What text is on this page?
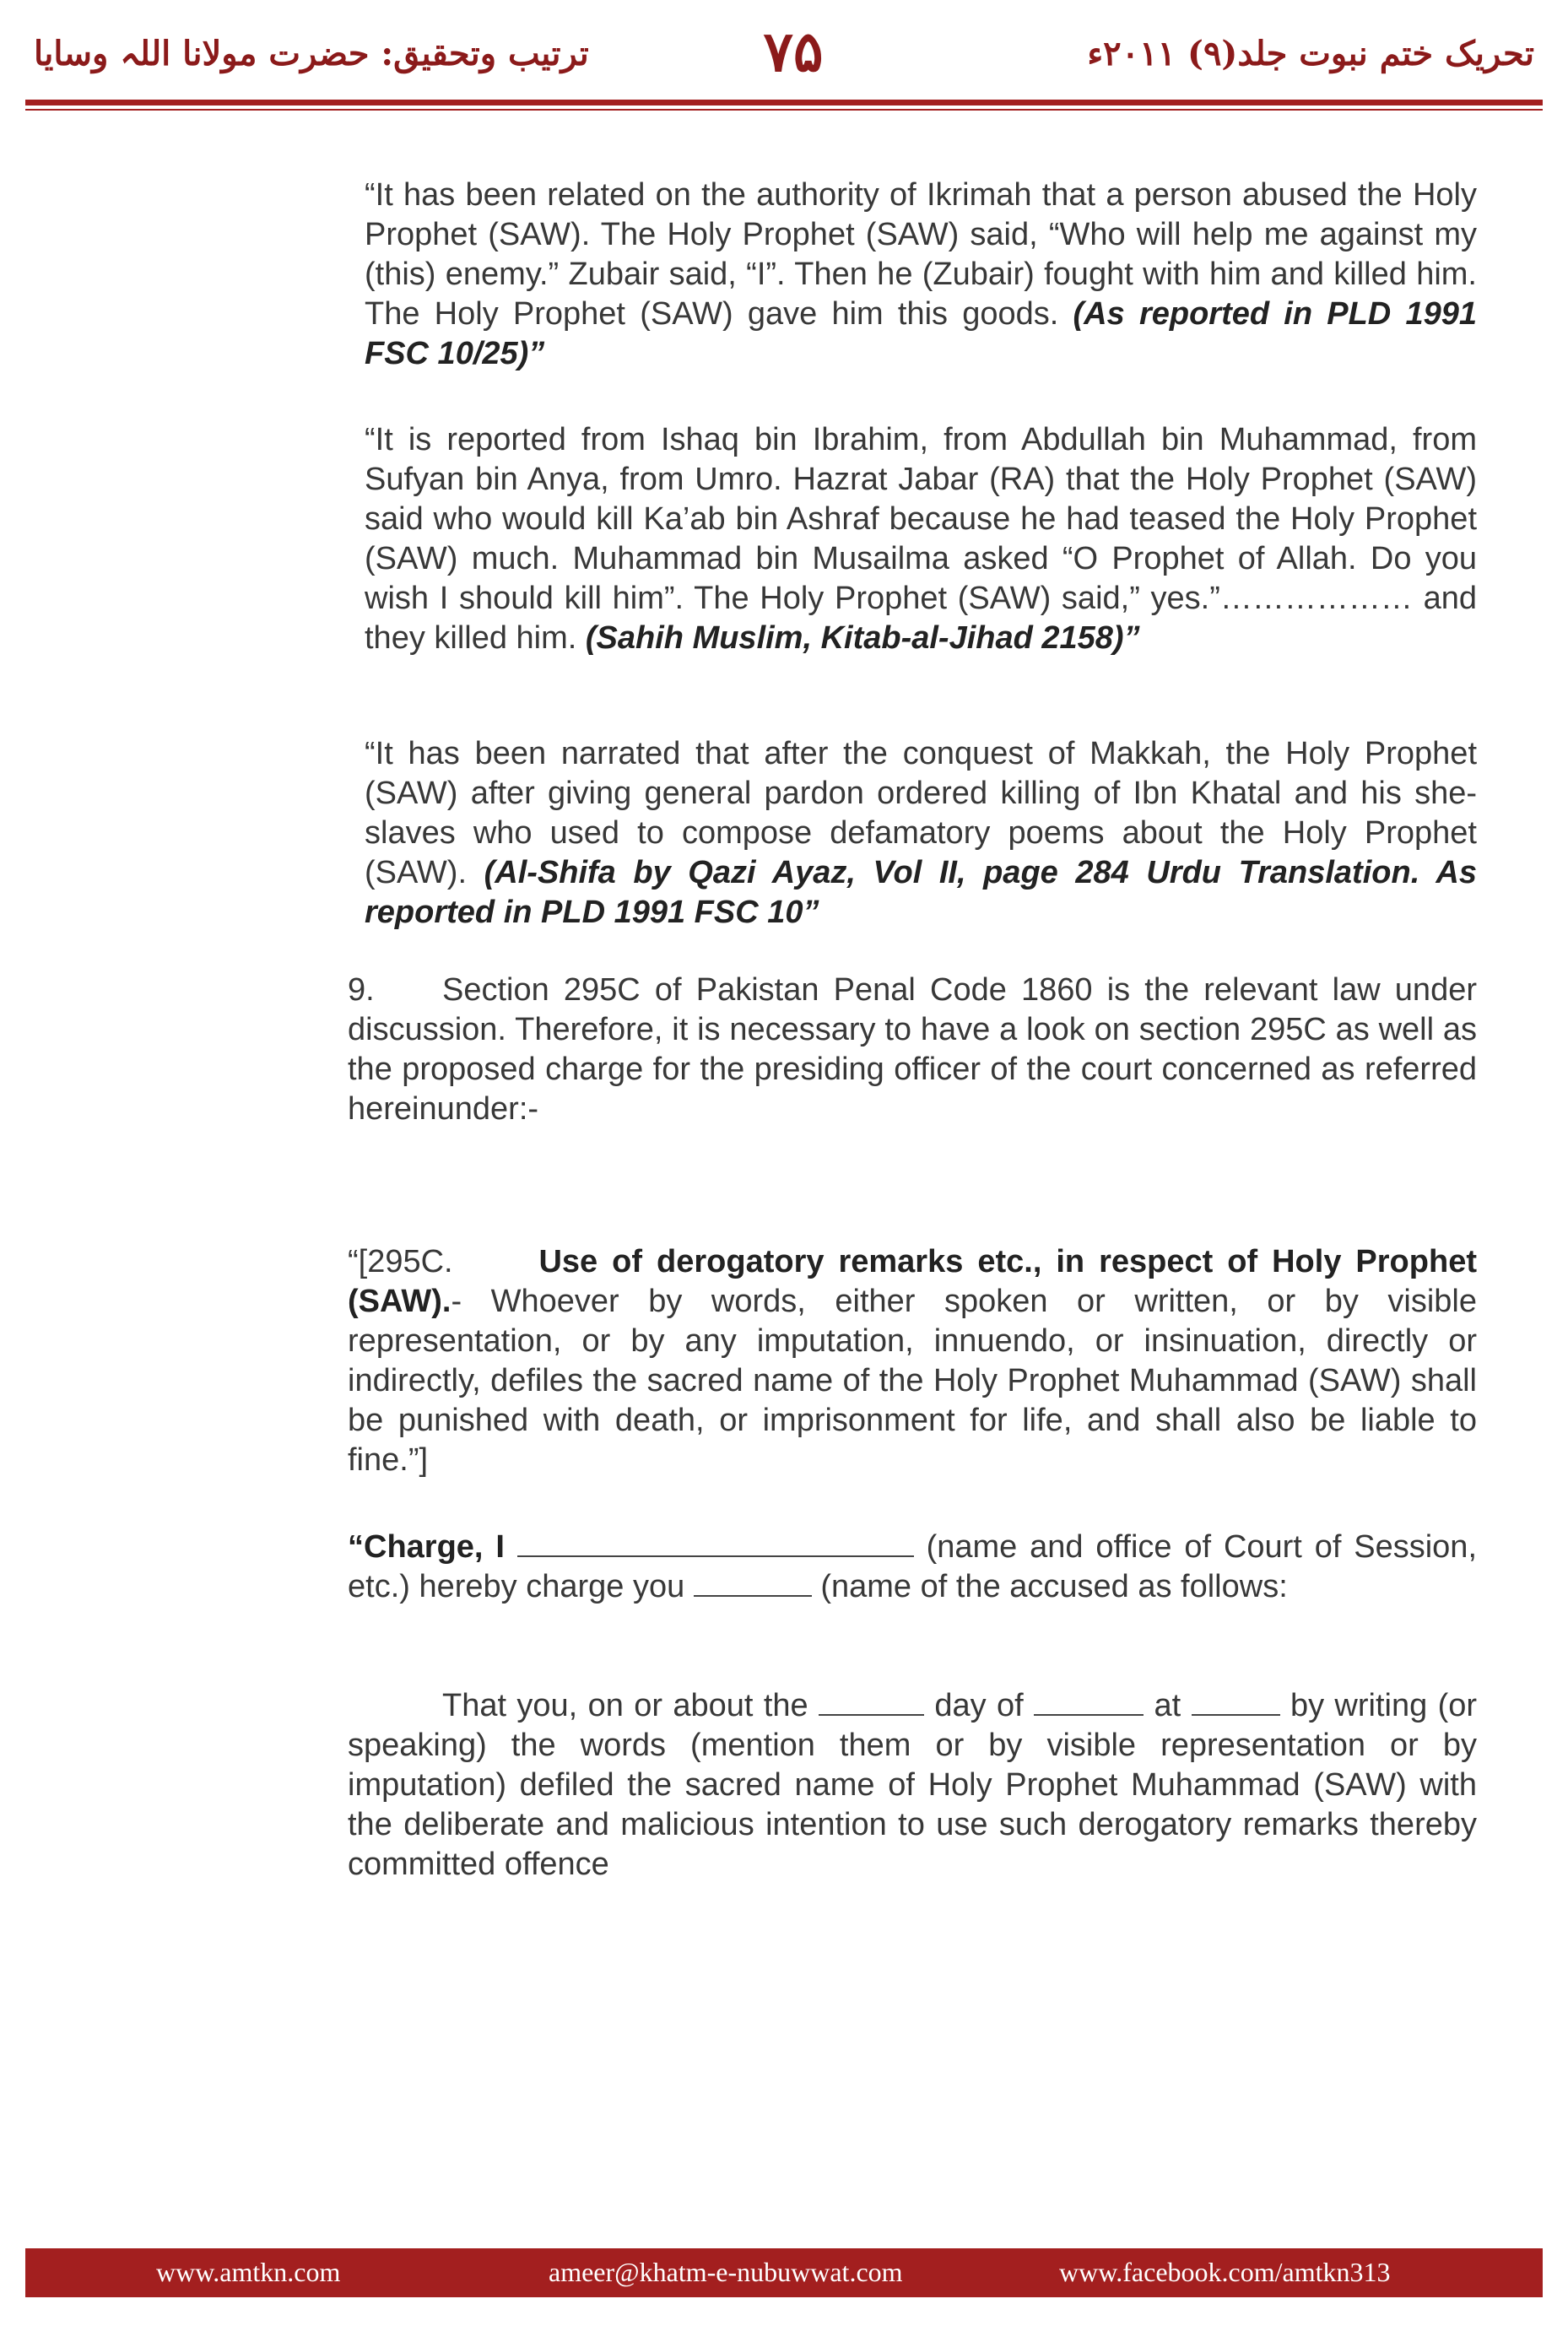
ترتیب وتحقیق: حضرت مولانا اللہ وسایا	۷۵	تحریک ختم نبوت جلد(۹) ۲۰۱۱ء
“It has been related on the authority of Ikrimah that a person abused the Holy Prophet (SAW). The Holy Prophet (SAW) said, “Who will help me against my (this) enemy.” Zubair said, “I”. Then he (Zubair) fought with him and killed him. The Holy Prophet (SAW) gave him this goods. (As reported in PLD 1991 FSC 10/25)”
“It is reported from Ishaq bin Ibrahim, from Abdullah bin Muhammad, from Sufyan bin Anya, from Umro. Hazrat Jabar (RA) that the Holy Prophet (SAW) said who would kill Ka’ab bin Ashraf because he had teased the Holy Prophet (SAW) much. Muhammad bin Musailma asked “O Prophet of Allah. Do you wish I should kill him”. The Holy Prophet (SAW) said,” yes.”……………… and they killed him. (Sahih Muslim, Kitab-al-Jihad 2158)”
“It has been narrated that after the conquest of Makkah, the Holy Prophet (SAW) after giving general pardon ordered killing of Ibn Khatal and his she-slaves who used to compose defamatory poems about the Holy Prophet (SAW). (Al-Shifa by Qazi Ayaz, Vol II, page 284 Urdu Translation. As reported in PLD 1991 FSC 10”
9. Section 295C of Pakistan Penal Code 1860 is the relevant law under discussion. Therefore, it is necessary to have a look on section 295C as well as the proposed charge for the presiding officer of the court concerned as referred hereinunder:-
“[295C.	Use of derogatory remarks etc., in respect of Holy Prophet (SAW).- Whoever by words, either spoken or written, or by visible representation, or by any imputation, innuendo, or insinuation, directly or indirectly, defiles the sacred name of the Holy Prophet Muhammad (SAW) shall be punished with death, or imprisonment for life, and shall also be liable to fine.”]
“Charge, I	(name and office of Court of Session, etc.) hereby charge you	(name of the accused as follows:
That you, on or about the	day of	at	by writing (or speaking) the words (mention them or by visible representation or by imputation) defiled the sacred name of Holy Prophet Muhammad (SAW) with the deliberate and malicious intention to use such derogatory remarks thereby committed offence
www.amtkn.com	ameer@khatm-e-nubuwwat.com	www.facebook.com/amtkn313
